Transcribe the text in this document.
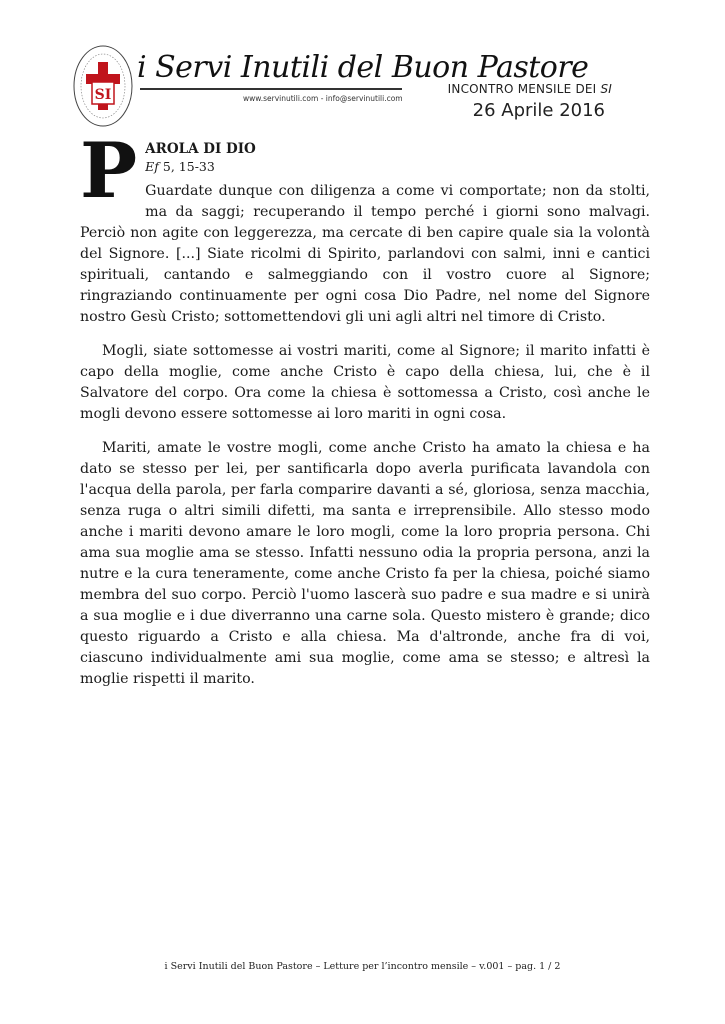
SI
i Servi Inutili del Buon Pastore
www.servinutili.com - info@servinutili.com
INCONTRO MENSILE DEI SI
26 Aprile 2016
P AROLA DI DIO
Ef 5, 15-33

Guardate dunque con diligenza a come vi comportate; non da stolti, ma da saggi; recuperando il tempo perché i giorni sono malvagi. Perciò non agite con leggerezza, ma cercate di ben capire quale sia la volontà del Signore. [...] Siate ricolmi di Spirito, parlandovi con salmi, inni e cantici spirituali, cantando e salmeggiando con il vostro cuore al Signore; ringraziando continuamente per ogni cosa Dio Padre, nel nome del Signore nostro Gesù Cristo; sottomettendovi gli uni agli altri nel timore di Cristo.

Mogli, siate sottomesse ai vostri mariti, come al Signore; il marito infatti è capo della moglie, come anche Cristo è capo della chiesa, lui, che è il Salvatore del corpo. Ora come la chiesa è sottomessa a Cristo, così anche le mogli devono essere sottomesse ai loro mariti in ogni cosa.

Mariti, amate le vostre mogli, come anche Cristo ha amato la chiesa e ha dato se stesso per lei, per santificarla dopo averla purificata lavandola con l'acqua della parola, per farla comparire davanti a sé, gloriosa, senza macchia, senza ruga o altri simili difetti, ma santa e irreprensibile. Allo stesso modo anche i mariti devono amare le loro mogli, come la loro propria persona. Chi ama sua moglie ama se stesso. Infatti nessuno odia la propria persona, anzi la nutre e la cura teneramente, come anche Cristo fa per la chiesa, poiché siamo membra del suo corpo. Perciò l'uomo lascerà suo padre e sua madre e si unirà a sua moglie e i due diverranno una carne sola. Questo mistero è grande; dico questo riguardo a Cristo e alla chiesa. Ma d'altronde, anche fra di voi, ciascuno individualmente ami sua moglie, come ama se stesso; e altresì la moglie rispetti il marito.

i Servi Inutili del Buon Pastore – Letture per l’incontro mensile – v.001 – pag. 1 / 2
